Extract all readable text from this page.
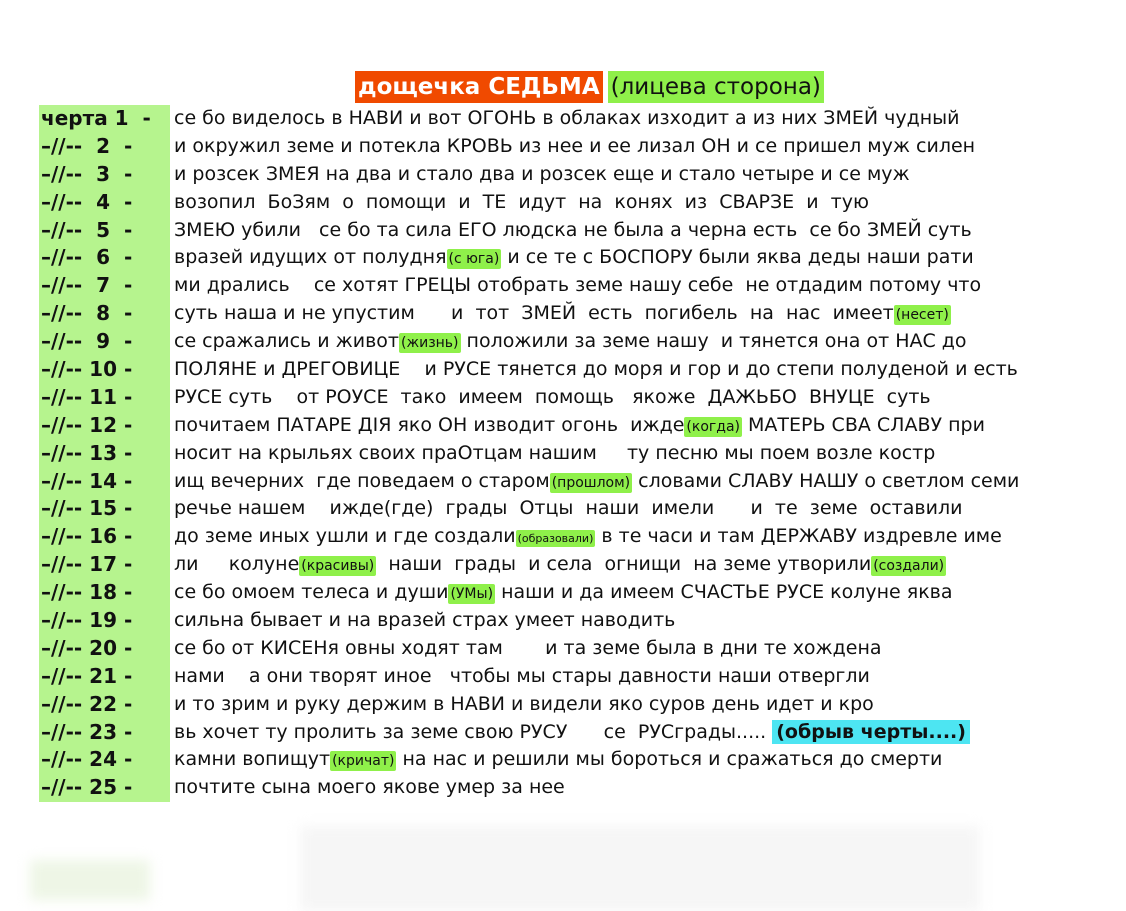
дощечка СЕДЬМА (лицева сторона)
черта 1  -	се бо виделось в НАВИ и вот ОГОНЬ в облаках изходит а из них ЗМЕЙ чудный
–//--  2  -	и окружил земе и потекла КРОВЬ из нее и ее лизал ОН и се пришел муж силен
–//--  3  -	и розсек ЗМЕЯ на два и стало два и розсек еще и стало четыре и се муж
–//--  4  -	возопил  БоЗям  о  помощи  и  ТЕ  идут  на  конях  из  СВАРЗЕ  и  тую
–//--  5  -	ЗМЕЮ убили   се бо та сила ЕГО людска не была а черна есть  се бо ЗМЕЙ суть
–//--  6  -	вразей идущих от полудня (с юга) и се те с БОСПОРУ были яква деды наши рати
–//--  7  -	ми дрались    се хотят ГРЕЦЫ отобрать земе нашу себе  не отдадим потому что
–//--  8  -	суть наша и не упустим      и  тот  ЗМЕЙ  есть  погибель  на  нас  имеет (несет)
–//--  9  -	се сражались и живот (жизнь) положили за земе нашу  и тянется она от НАС до
–//-- 10 -	ПОЛЯНЕ и ДРЕГОВИЦЕ    и РУСЕ тянется до моря и гор и до степи полуденой и есть
–//-- 11 -	РУСЕ суть    от РОУСЕ  тако  имеем  помощь   якоже  ДАЖЬБО  ВНУЦЕ  суть
–//-- 12 -	почитаем ПАТАРЕ ДІЯ яко ОН изводит огонь  ижде (когда) МАТЕРЬ СВА СЛАВУ при
–//-- 13 -	носит на крыльях своих праОтцам нашим     ту песню мы поем возле костр
–//-- 14 -	ищ вечерних  где поведаем о старом (прошлом) словами СЛАВУ НАШУ о светлом семи
–//-- 15 -	речье нашем    ижде(где)  грады  Отцы  наши  имели      и  те  земе  оставили
–//-- 16 -	до земе иных ушли и где создали (образовали) в те часи и там ДЕРЖАВУ издревле име
–//-- 17 -	ли     колуне (красивы)  наши  грады  и села  огнищи  на земе утворили (создали)
–//-- 18 -	се бо омоем телеса и души (УМы) наши и да имеем СЧАСТЬЕ РУСЕ колуне яква
–//-- 19 -	сильна бывает и на вразей страх умеет наводить
–//-- 20 -	се бо от КИСЕНя овны ходят там       и та земе была в дни те хождена
–//-- 21 -	нами    а они творят иное   чтобы мы стары давности наши отвергли
–//-- 22 -	и то зрим и руку держим в НАВИ и видели яко суров день идет и кро
–//-- 23 -	вь хочет ту пролить за земе свою РУСУ      се  РУСграды..... (обрыв черты....)
–//-- 24 -	камни вопищут (кричат) на нас и решили мы бороться и сражаться до смерти
–//-- 25 -	почтите сына моего якове умер за нее
